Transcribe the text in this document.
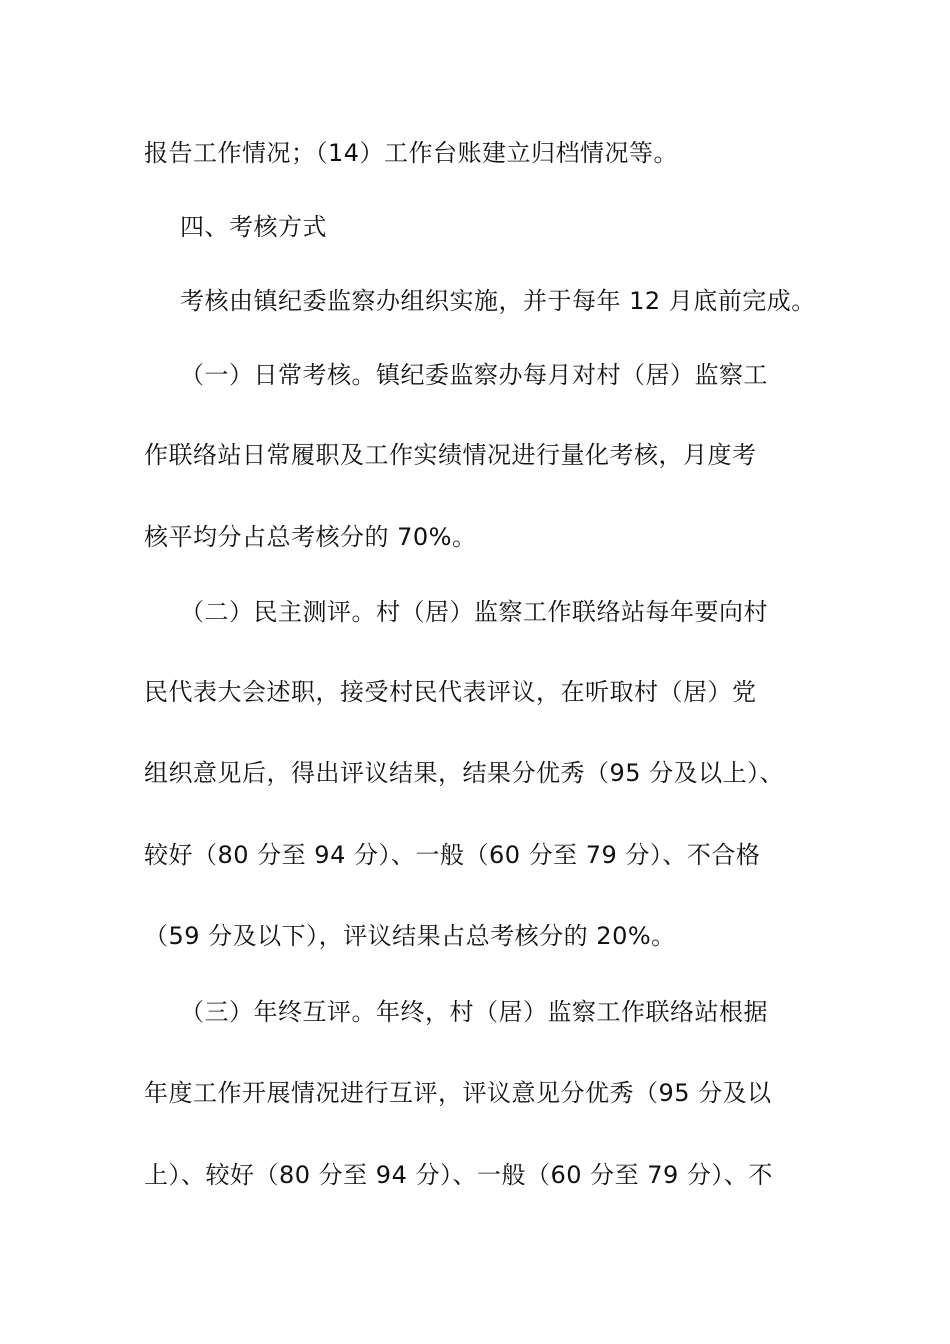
报告工作情况；（14）工作台账建立归档情况等。
四、考核方式
考核由镇纪委监察办组织实施，并于每年 12 月底前完成。
（一）日常考核。镇纪委监察办每月对村（居）监察工
作联络站日常履职及工作实绩情况进行量化考核，月度考
核平均分占总考核分的 70%。
（二）民主测评。村（居）监察工作联络站每年要向村
民代表大会述职，接受村民代表评议，在听取村（居）党
组织意见后，得出评议结果，结果分优秀（95 分及以上）、
较好（80 分至 94 分）、一般（60 分至 79 分）、不合格
（59 分及以下），评议结果占总考核分的 20%。
（三）年终互评。年终，村（居）监察工作联络站根据
年度工作开展情况进行互评，评议意见分优秀（95 分及以
上）、较好（80 分至 94 分）、一般（60 分至 79 分）、不
